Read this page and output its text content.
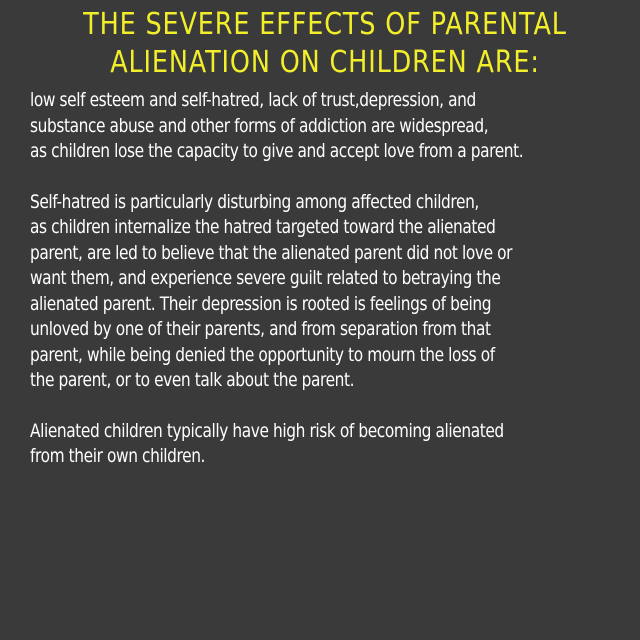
THE SEVERE EFFECTS OF PARENTAL
ALIENATION ON CHILDREN ARE:

low self esteem and self-hatred, lack of trust,depression, and
substance abuse and other forms of addiction are widespread,
as children lose the capacity to give and accept love from a parent.

Self-hatred is particularly disturbing among affected children,
as children internalize the hatred targeted toward the alienated
parent, are led to believe that the alienated parent did not love or
want them, and experience severe guilt related to betraying the
alienated parent. Their depression is rooted is feelings of being
unloved by one of their parents, and from separation from that
parent, while being denied the opportunity to mourn the loss of
the parent, or to even talk about the parent.

Alienated children typically have high risk of becoming alienated
from their own children.
